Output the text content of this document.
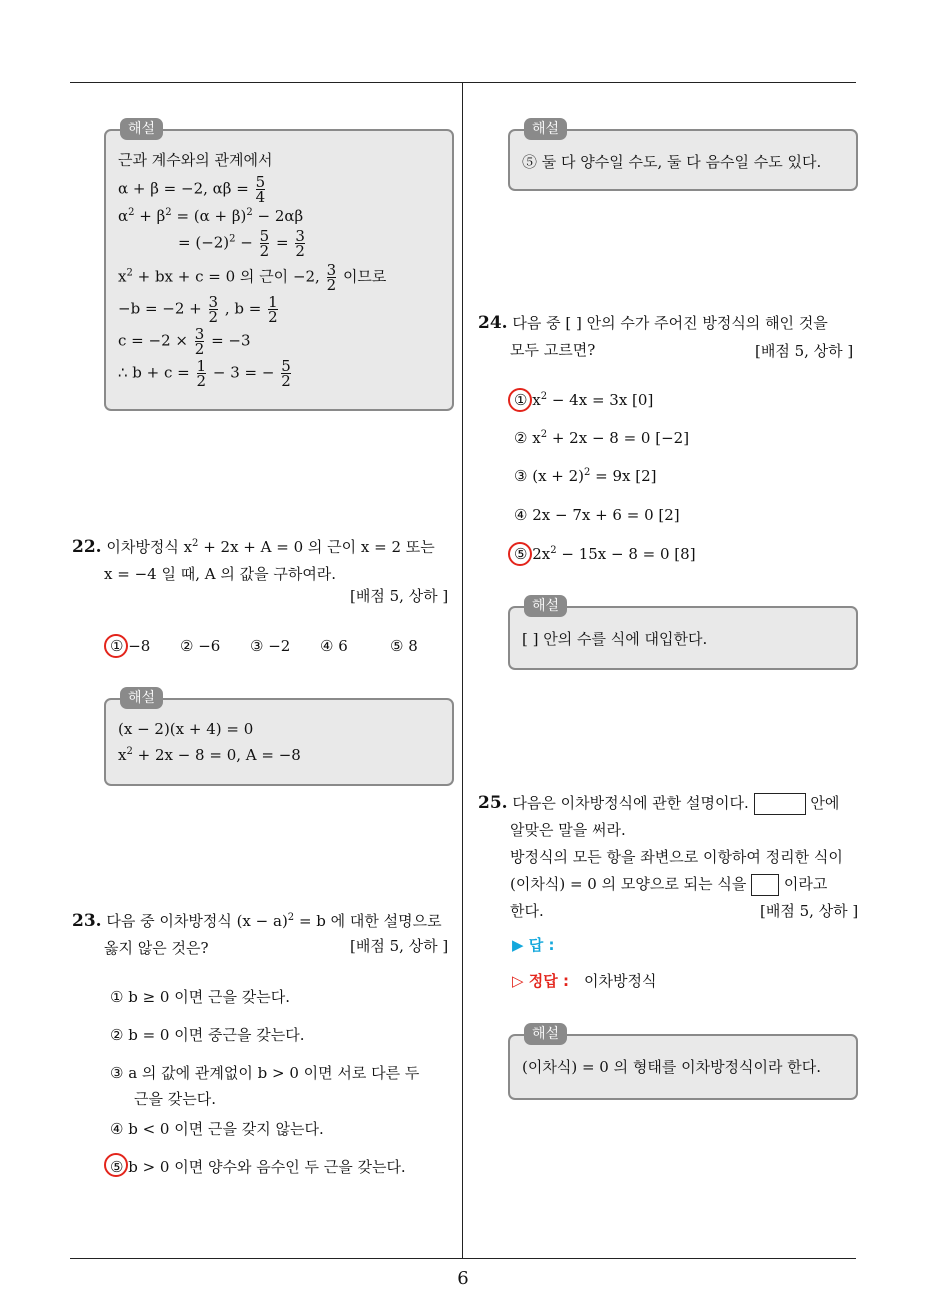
해설
근과 계수와의 관계에서
α + β = −2, $\alpha\beta = \frac{5}{4}$
$\alpha^2 + \beta^2 = (\alpha + \beta)^2 - 2\alpha\beta$
= $(-2)^2 - \frac{5}{2} = \frac{3}{2}$
$x^2$ + bx + c = 0 의 근이 −2, $\frac{3}{2}$ 이므로
$-b = -2 + \frac{3}{2}$ , $b = \frac{1}{2}$
$c = -2 \times \frac{3}{2} = -3$
∴ $b + c = \frac{1}{2} - 3$ = − $\frac{5}{2}$
22. 이차방정식 $x^2 + 2x + A = 0$ 의 근이 x = 2 또는
x = −4 일 때, A 의 값을 구하여라.
[배점 5, 상하 ]
① −8 ② −6 ③ −2 ④ 6	⑤ 8
해설
(x − 2)(x + 4) = 0
$x^2 + 2x - 8 = 0$, A = −8
23. 다음 중 이차방정식 $(x - a)^2 = b$ 에 대한 설명으로
옳지 않은 것은?	[배점 5, 상하 ]
① b ≥ 0 이면 근을 갖는다.
② b = 0 이면 중근을 갖는다.
③ a 의 값에 관계없이 b > 0 이면 서로 다른 두
근을 갖는다.
④ b < 0 이면 근을 갖지 않는다.
⑤ b > 0 이면 양수와 음수인 두 근을 갖는다.
해설
⑤ 둘 다 양수일 수도, 둘 다 음수일 수도 있다.
24. 다음 중 [ ] 안의 수가 주어진 방정식의 해인 것을
모두 고르면?	[배점 5, 상하 ]
① $x^2 - 4x = 3x$ [0]
② $x^2 + 2x - 8 = 0$ [−2]
③ $(x + 2)^2 = 9x$ [2]
④ 2x − 7x + 6 = 0 [2]
⑤ $2x^2 - 15x - 8 = 0$ [8]
해설
[ ] 안의 수를 식에 대입한다.
25. 다음은 이차방정식에 관한 설명이다.	안에
알맞은 말을 써라.
방정식의 모든 항을 좌변으로 이항하여 정리한 식이
(이차식) = 0 의 모양으로 되는 식을	이라고
한다.	[배점 5, 상하 ]
▶ 답 :
▷ 정답 : 이차방정식
해설
(이차식) = 0 의 형태를 이차방정식이라 한다.
6
